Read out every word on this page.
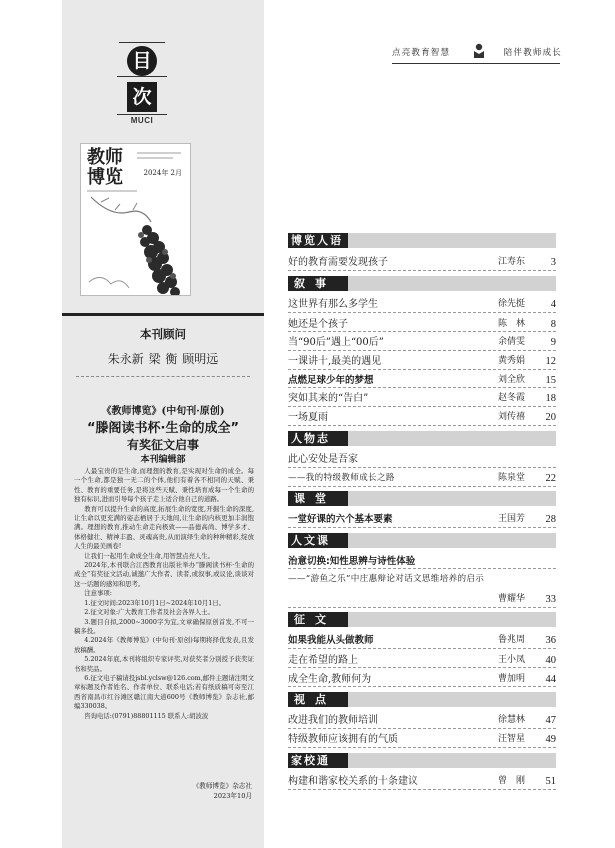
目
次
MUCI
教师
博览	2024年 2月
本刊顾问
朱永新 梁 衡 顾明远
《教师博览》(中旬刊·原创)
“滕阁读书杯·生命的成全”
有奖征文启事
本刊编辑部

人最宝贵的是生命,而理想的教育,是实现对生命的成全。每一个生命,都是独一无二的个体,他们有着各不相同的天赋、秉性、教育的重要任务,是将这些天赋、秉性培育成每一个生命的独有标识,进而引导每个孩子走上适合他自己的道路。

教育可以提升生命的高度,拓展生命的宽度,开掘生命的深度,让生命以更充满的姿态栖居于天地间,让生命的内核更加丰润饱满。理想的教育,推动生命走向极致——品德高尚、博学多才、体格健壮、精神丰盈、灵魂高贵,从而演绎生命的种种精彩,绽放人生的最美画卷!

让我们一起用生命成全生命,用智慧点亮人生。

2024年,本刊联合江西教育出版社举办“滕阁读书杯·生命的成全”有奖征文活动,诚邀广大作者、读者,或叙事,或议论,谈谈对这一话题的感知和思考。

注意事项:

1.征文时间:2023年10月1日~2024年10月1日。

2.征文对象:广大教育工作者及社会各界人士。

3.题目自拟,2000~3000字为宜,文章确保原创首发,不可一稿多投。

4.2024年《教师博览》(中旬刊·原创)每期将择优发表,且发放稿酬。

5.2024年底,本刊将组织专家评奖,对获奖者分别授予获奖证书和奖品。

6.征文电子稿请投jsbl.yclsw@126.com,邮件主题请注明文章标题及作者姓名、作者单位、联系电话;若有纸质稿可寄至江西省南昌市红谷滩区赣江南大道600号《教师博览》杂志社,邮编330038。

咨询电话:(0791)88801115 联系人:胡波波

《教师博览》杂志社
2023年10月
点亮教育智慧	陪伴教师成长
博览人语
好的教育需要发现孩子	江寿东 3
叙事
这世界有那么多学生	徐先挺 4
她还是个孩子	陈　林 8
当“90后”遇上“00后”	余倩雯 9
一课讲十,最美的遇见	黄秀娟 12
点燃足球少年的梦想	刘全欣 15
突如其来的“告白”	赵冬霞 18
一场夏雨	刘传禧 20
人物志
此心安处是吾家
——我的特级教师成长之路	陈泉堂 22
课堂
一堂好课的六个基本要素	王国芳 28
人文课
治意切换:知性思辨与诗性体验
——“游鱼之乐”中庄惠辩论对话文思维培养的启示
曹耀华 33
征文
如果我能从头做教师	鲁兆周 36
走在希望的路上	王小凤 40
成全生命,教师何为	曹加明 44
视点
改进我们的教师培训	徐慧林 47
特级教师应该拥有的气质	汪智星 49
家校通
构建和谐家校关系的十条建议	曾　刚 51
